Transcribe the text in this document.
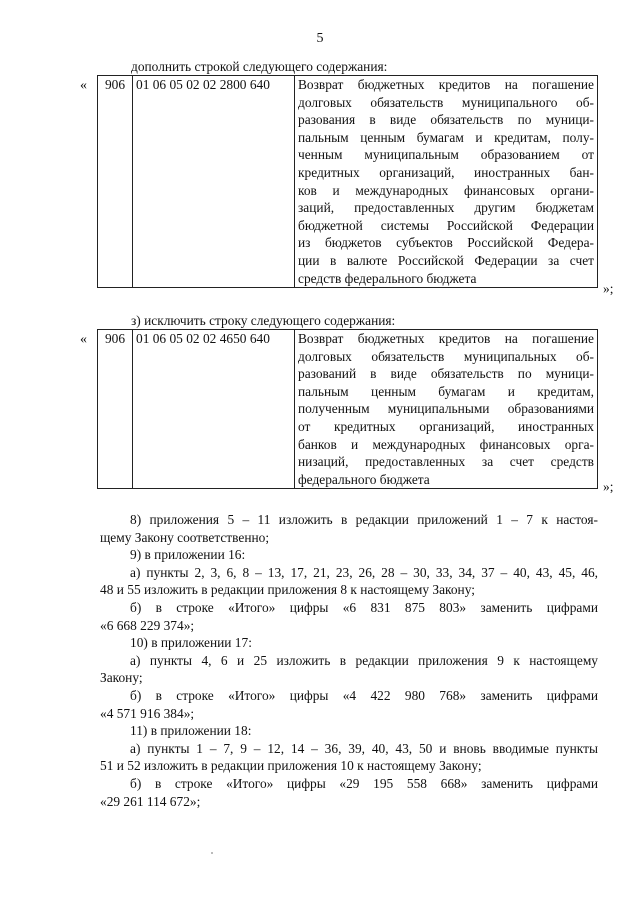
5
дополнить строкой следующего содержания:
« 906	01 06 05 02 02 2800 640	Возврат бюджетных кредитов на погашение
долговых обязательств муниципального об-
разования в виде обязательств по муници-
пальным ценным бумагам и кредитам, полу-
ченным муниципальным образованием от
кредитных организаций, иностранных бан-
ков и международных финансовых органи-
заций, предоставленных другим бюджетам
бюджетной системы Российской Федерации
из бюджетов субъектов Российской Федера-
ции в валюте Российской Федерации за счет
средств федерального бюджета
»;
з) исключить строку следующего содержания:
« 906	01 06 05 02 02 4650 640	Возврат бюджетных кредитов на погашение
долговых обязательств муниципальных об-
разований в виде обязательств по муници-
пальным ценным бумагам и кредитам,
полученным муниципальными образованиями
от кредитных организаций, иностранных
банков и международных финансовых орга-
низаций, предоставленных за счет средств
федерального бюджета	»;
8) приложения 5 – 11 изложить в редакции приложений 1 – 7 к настоя-
щему Закону соответственно;
9) в приложении 16:
а) пункты 2, 3, 6, 8 – 13, 17, 21, 23, 26, 28 – 30, 33, 34, 37 – 40, 43, 45, 46,
48 и 55 изложить в редакции приложения 8 к настоящему Закону;
б) в строке «Итого» цифры «6 831 875 803» заменить цифрами
«6 668 229 374»;
10) в приложении 17:
а) пункты 4, 6 и 25 изложить в редакции приложения 9 к настоящему
Закону;
б) в строке «Итого» цифры «4 422 980 768» заменить цифрами
«4 571 916 384»;
11) в приложении 18:
а) пункты 1 – 7, 9 – 12, 14 – 36, 39, 40, 43, 50 и вновь вводимые пункты
51 и 52 изложить в редакции приложения 10 к настоящему Закону;
б) в строке «Итого» цифры «29 195 558 668» заменить цифрами
«29 261 114 672»;
